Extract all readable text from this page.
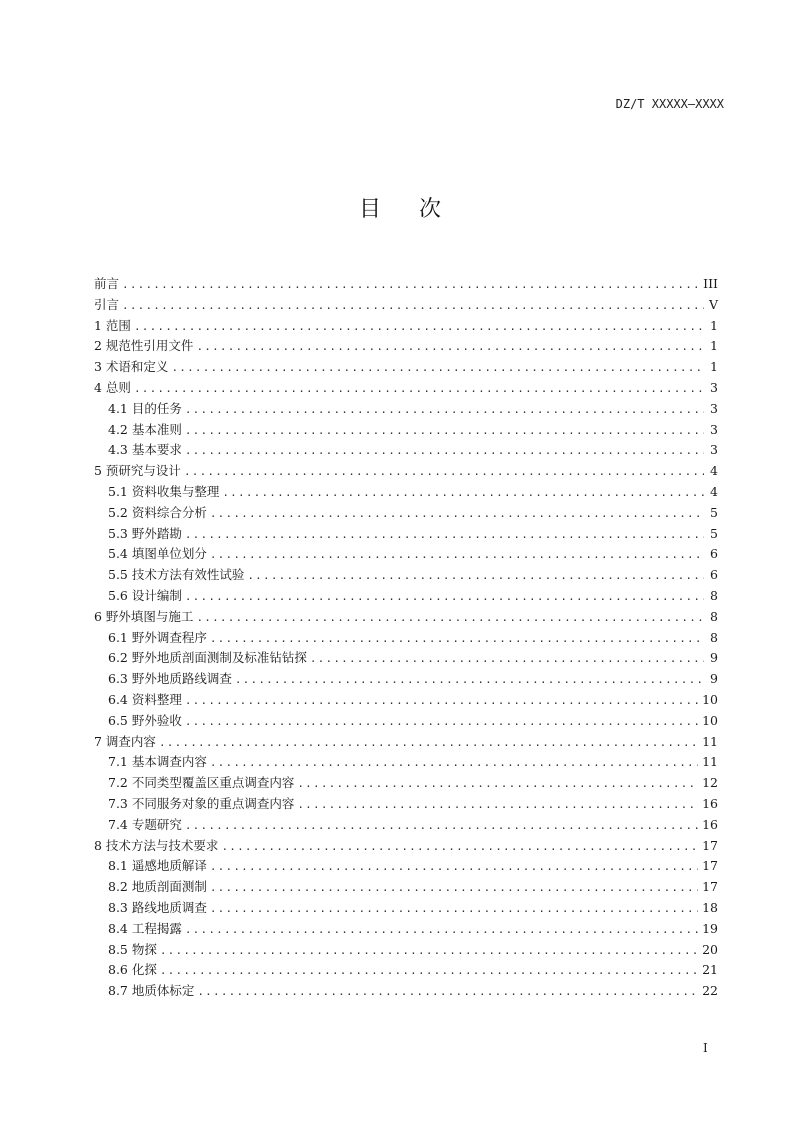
DZ/T XXXXX—XXXX
目次
前言 .....	III
引言 .....	V
1 范围 .....	1
2 规范性引用文件 .....	1
3 术语和定义 .....	1
4 总则 .....	3
4.1 目的任务 .....	3
4.2 基本准则 .....	3
4.3 基本要求 .....	3
5 预研究与设计 .....	4
5.1 资料收集与整理 .....	4
5.2 资料综合分析 .....	5
5.3 野外踏勘 .....	5
5.4 填图单位划分 .....	6
5.5 技术方法有效性试验 .....	6
5.6 设计编制 .....	8
6 野外填图与施工 .....	8
6.1 野外调查程序 .....	8
6.2 野外地质剖面测制及标准钻钻探 .....	9
6.3 野外地质路线调查 .....	9
6.4 资料整理 .....	10
6.5 野外验收 .....	10
7 调查内容 .....	11
7.1 基本调查内容 .....	11
7.2 不同类型覆盖区重点调查内容 .....	12
7.3 不同服务对象的重点调查内容 .....	16
7.4 专题研究 .....	16
8 技术方法与技术要求 .....	17
8.1 遥感地质解译 .....	17
8.2 地质剖面测制 .....	17
8.3 路线地质调查 .....	18
8.4 工程揭露 .....	19
8.5 物探 .....	20
8.6 化探 .....	21
8.7 地质体标定 .....	22
I
